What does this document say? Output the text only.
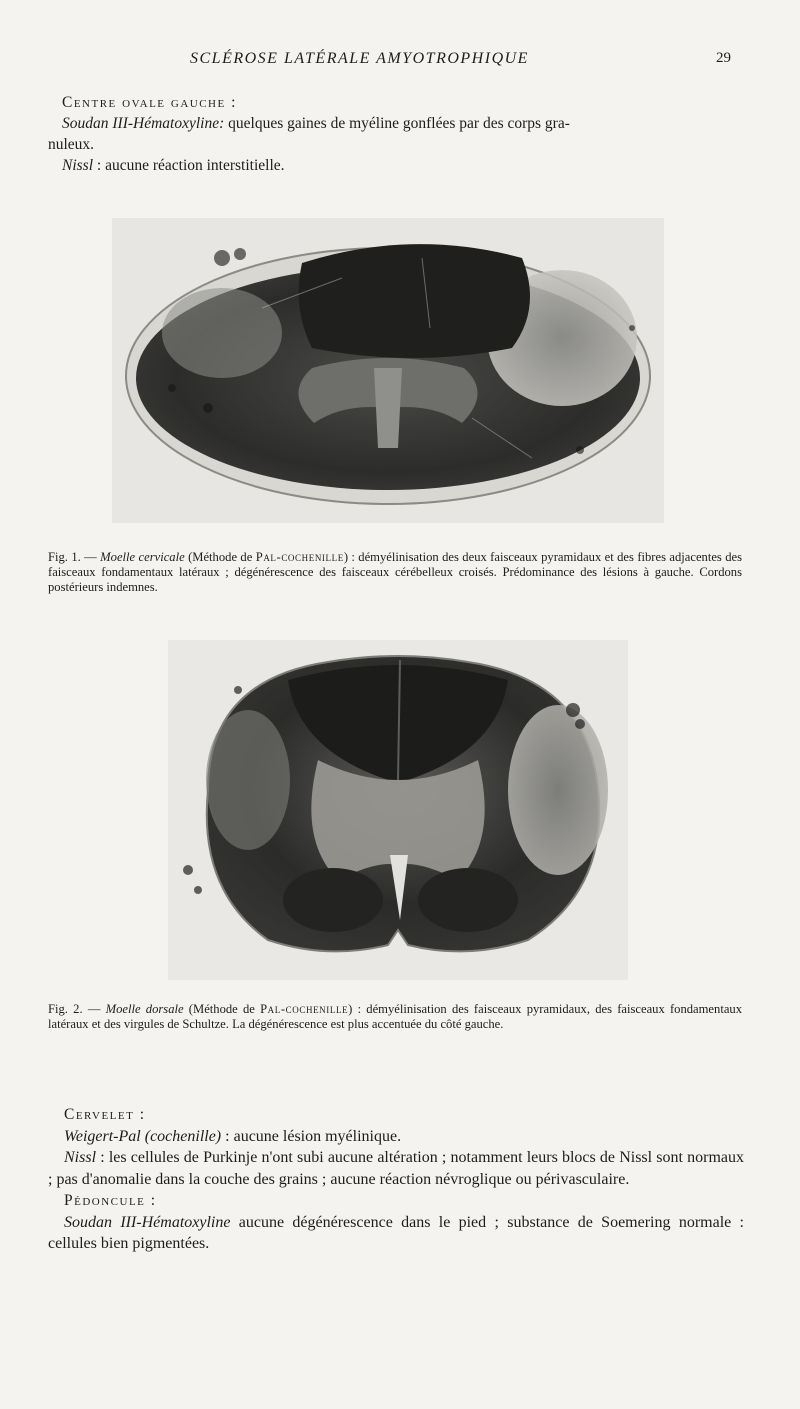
SCLÉROSE LATÉRALE AMYOTROPHIQUE	29
Centre ovale gauche :

Soudan III-Hématoxyline: quelques gaines de myéline gonflées par des corps gra-

nuleux.

Nissl : aucune réaction interstitielle.

Fig. 1. — Moelle cervicale (Méthode de Pal-cochenille) : démyélinisation des deux faisceaux pyramidaux et des fibres adjacentes des faisceaux fondamentaux latéraux ; dégénérescence des faisceaux cérébelleux croisés. Prédominance des lésions à gauche. Cordons postérieurs indemnes.
Fig. 2. — Moelle dorsale (Méthode de Pal-cochenille) : démyélinisation des faisceaux pyramidaux, des faisceaux fondamentaux latéraux et des virgules de Schultze. La dégénérescence est plus accentuée du côté gauche.

Cervelet :

Weigert-Pal (cochenille) : aucune lésion myélinique.

Nissl : les cellules de Purkinje n'ont subi aucune altération ; notamment leurs blocs de Nissl sont normaux ; pas d'anomalie dans la couche des grains ; aucune réaction névroglique ou périvasculaire.

Pédoncule :

Soudan III-Hématoxyline aucune dégénérescence dans le pied ; substance de Soemering normale : cellules bien pigmentées.
